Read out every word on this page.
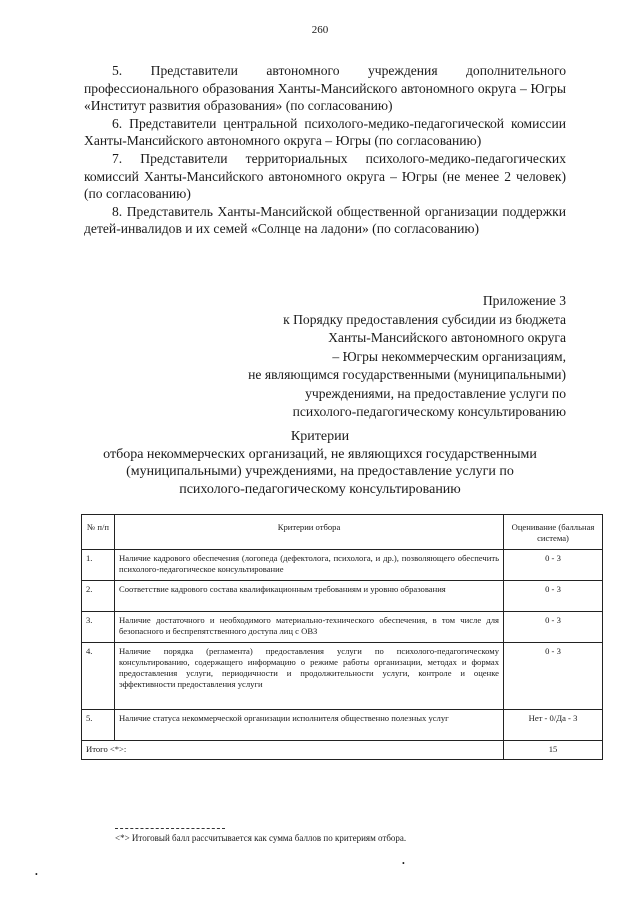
260

5. Представители автономного учреждения дополнительного профессионального образования Ханты-Мансийского автономного округа – Югры «Институт развития образования» (по согласованию)

6. Представители центральной психолого-медико-педагогической комиссии Ханты-Мансийского автономного округа – Югры (по согласованию)

7. Представители территориальных психолого-медико-педагогических комиссий Ханты-Мансийского автономного округа – Югры (не менее 2 человек) (по согласованию)

8. Представитель Ханты-Мансийской общественной организации поддержки детей-инвалидов и их семей «Солнце на ладони» (по согласованию)

Приложение 3
к Порядку предоставления субсидии из бюджета
Ханты-Мансийского автономного округа
– Югры некоммерческим организациям,
не являющимся государственными (муниципальными)
учреждениями, на предоставление услуги по
психолого-педагогическому консультированию
Критерии
отбора некоммерческих организаций, не являющихся государственными
(муниципальными) учреждениями, на предоставление услуги по
психолого-педагогическому консультированию
№ п/п	Критерии отбора	Оценивание (балльная система)
1.	Наличие кадрового обеспечения (логопеда (дефектолога, психолога, и др.), позволяющего обеспечить психолого-педагогическое консультирование	0 - 3
2.	Соответствие кадрового состава квалификационным требованиям и уровню образования	0 - 3
3.	Наличие достаточного и необходимого материально-технического обеспечения, в том числе для безопасного и беспрепятственного доступа лиц с ОВЗ	0 - 3
4.	Наличие порядка (регламента) предоставления услуги по психолого-педагогическому консультированию, содержащего информацию о режиме работы организации, методах и формах предоставления услуги, периодичности и продолжительности услуги, контроле и оценке эффективности предоставления услуги	0 - 3
5.	Наличие статуса некоммерческой организации исполнителя общественно полезных услуг	Нет - 0/Да - 3
Итого <*>:		15
<*> Итоговый балл рассчитывается как сумма баллов по критериям отбора.
•
•
